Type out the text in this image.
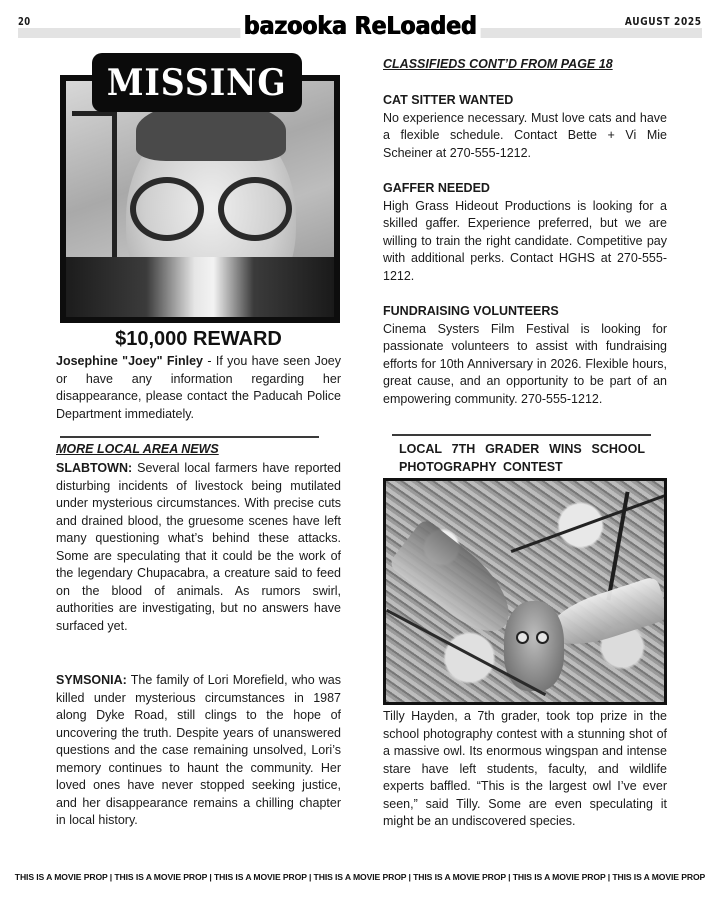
20	bazooka ReLoaded	AUGUST 2025
MISSING
$10,000 REWARD
Josephine "Joey" Finley - If you have seen Joey or have any information regarding her disappearance, please contact the Paducah Police Department immediately.
MORE LOCAL AREA NEWS

SLABTOWN: Several local farmers have reported disturbing incidents of livestock being mutilated under mysterious circumstances. With precise cuts and drained blood, the gruesome scenes have left many questioning what’s behind these attacks. Some are speculating that it could be the work of the legendary Chupacabra, a creature said to feed on the blood of animals. As rumors swirl, authorities are investigating, but no answers have surfaced yet.

SYMSONIA: The family of Lori Morefield, who was killed under mysterious circumstances in 1987 along Dyke Road, still clings to the hope of uncovering the truth. Despite years of unanswered questions and the case remaining unsolved, Lori’s memory continues to haunt the community. Her loved ones have never stopped seeking justice, and her disappearance remains a chilling chapter in local history.

CLASSIFIEDS CONT’D FROM PAGE 18
CAT SITTER WANTED

No experience necessary. Must love cats and have a flexible schedule. Contact Bette + Vi Mie Scheiner at 270-555-1212.

GAFFER NEEDED

High Grass Hideout Productions is looking for a skilled gaffer. Experience preferred, but we are willing to train the right candidate. Competitive pay with additional perks. Contact HGHS at 270-555-1212.

FUNDRAISING VOLUNTEERS

Cinema Systers Film Festival is looking for passionate volunteers to assist with fundraising efforts for 10th Anniversary in 2026. Flexible hours, great cause, and an opportunity to be part of an empowering community. 270-555-1212.

LOCAL 7TH GRADER WINS SCHOOL PHOTOGRAPHY CONTEST

Tilly Hayden, a 7th grader, took top prize in the school photography contest with a stunning shot of a massive owl. Its enormous wingspan and intense stare have left students, faculty, and wildlife experts baffled. “This is the largest owl I’ve ever seen,” said Tilly. Some are even speculating it might be an undiscovered species.

THIS IS A MOVIE PROP | THIS IS A MOVIE PROP | THIS IS A MOVIE PROP | THIS IS A MOVIE PROP | THIS IS A MOVIE PROP | THIS IS A MOVIE PROP | THIS IS A MOVIE PROP
